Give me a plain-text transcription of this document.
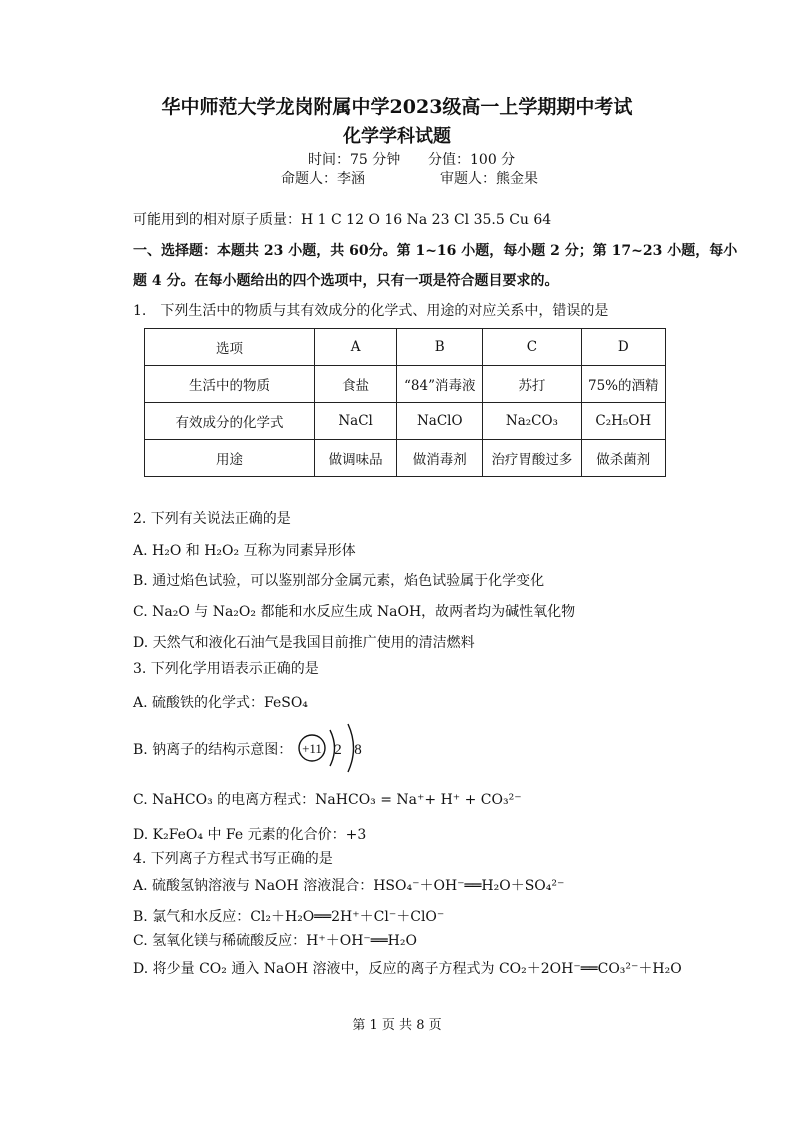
华中师范大学龙岗附属中学2023级高一上学期期中考试
化学学科试题
时间：75 分钟 分值：100 分
命题人：李涵	审题人：熊金果
可能用到的相对原子质量：H 1 C 12 O 16 Na 23 Cl 35.5 Cu 64
一、选择题：本题共 23 小题，共 60分。第 1~16 小题，每小题 2 分；第 17~23 小题，每小
题 4 分。在每小题给出的四个选项中，只有一项是符合题目要求的。
1.　下列生活中的物质与其有效成分的化学式、用途的对应关系中，错误的是
选项	A	B	C	D
生活中的物质	食盐	“84”消毒液	苏打	75%的酒精
有效成分的化学式	NaCl	NaClO	Na₂CO₃	C₂H₅OH
用途	做调味品	做消毒剂	治疗胃酸过多	做杀菌剂
2. 下列有关说法正确的是
A. H₂O 和 H₂O₂ 互称为同素异形体
B. 通过焰色试验，可以鉴别部分金属元素，焰色试验属于化学变化
C. Na₂O 与 Na₂O₂ 都能和水反应生成 NaOH，故两者均为碱性氧化物
D. 天然气和液化石油气是我国目前推广使用的清洁燃料
3. 下列化学用语表示正确的是
A. 硫酸铁的化学式：FeSO₄
B. 钠离子的结构示意图： +11 2 8
C. NaHCO₃ 的电离方程式：NaHCO₃ = Na⁺+ H⁺ + CO₃²⁻
D. K₂FeO₄ 中 Fe 元素的化合价：+3
4. 下列离子方程式书写正确的是
A. 硫酸氢钠溶液与 NaOH 溶液混合：HSO₄⁻＋OH⁻══H₂O＋SO₄²⁻
B. 氯气和水反应：Cl₂＋H₂O══2H⁺＋Cl⁻＋ClO⁻
C. 氢氧化镁与稀硫酸反应：H⁺＋OH⁻══H₂O
D. 将少量 CO₂ 通入 NaOH 溶液中，反应的离子方程式为 CO₂＋2OH⁻══CO₃²⁻＋H₂O
第 1 页 共 8 页
